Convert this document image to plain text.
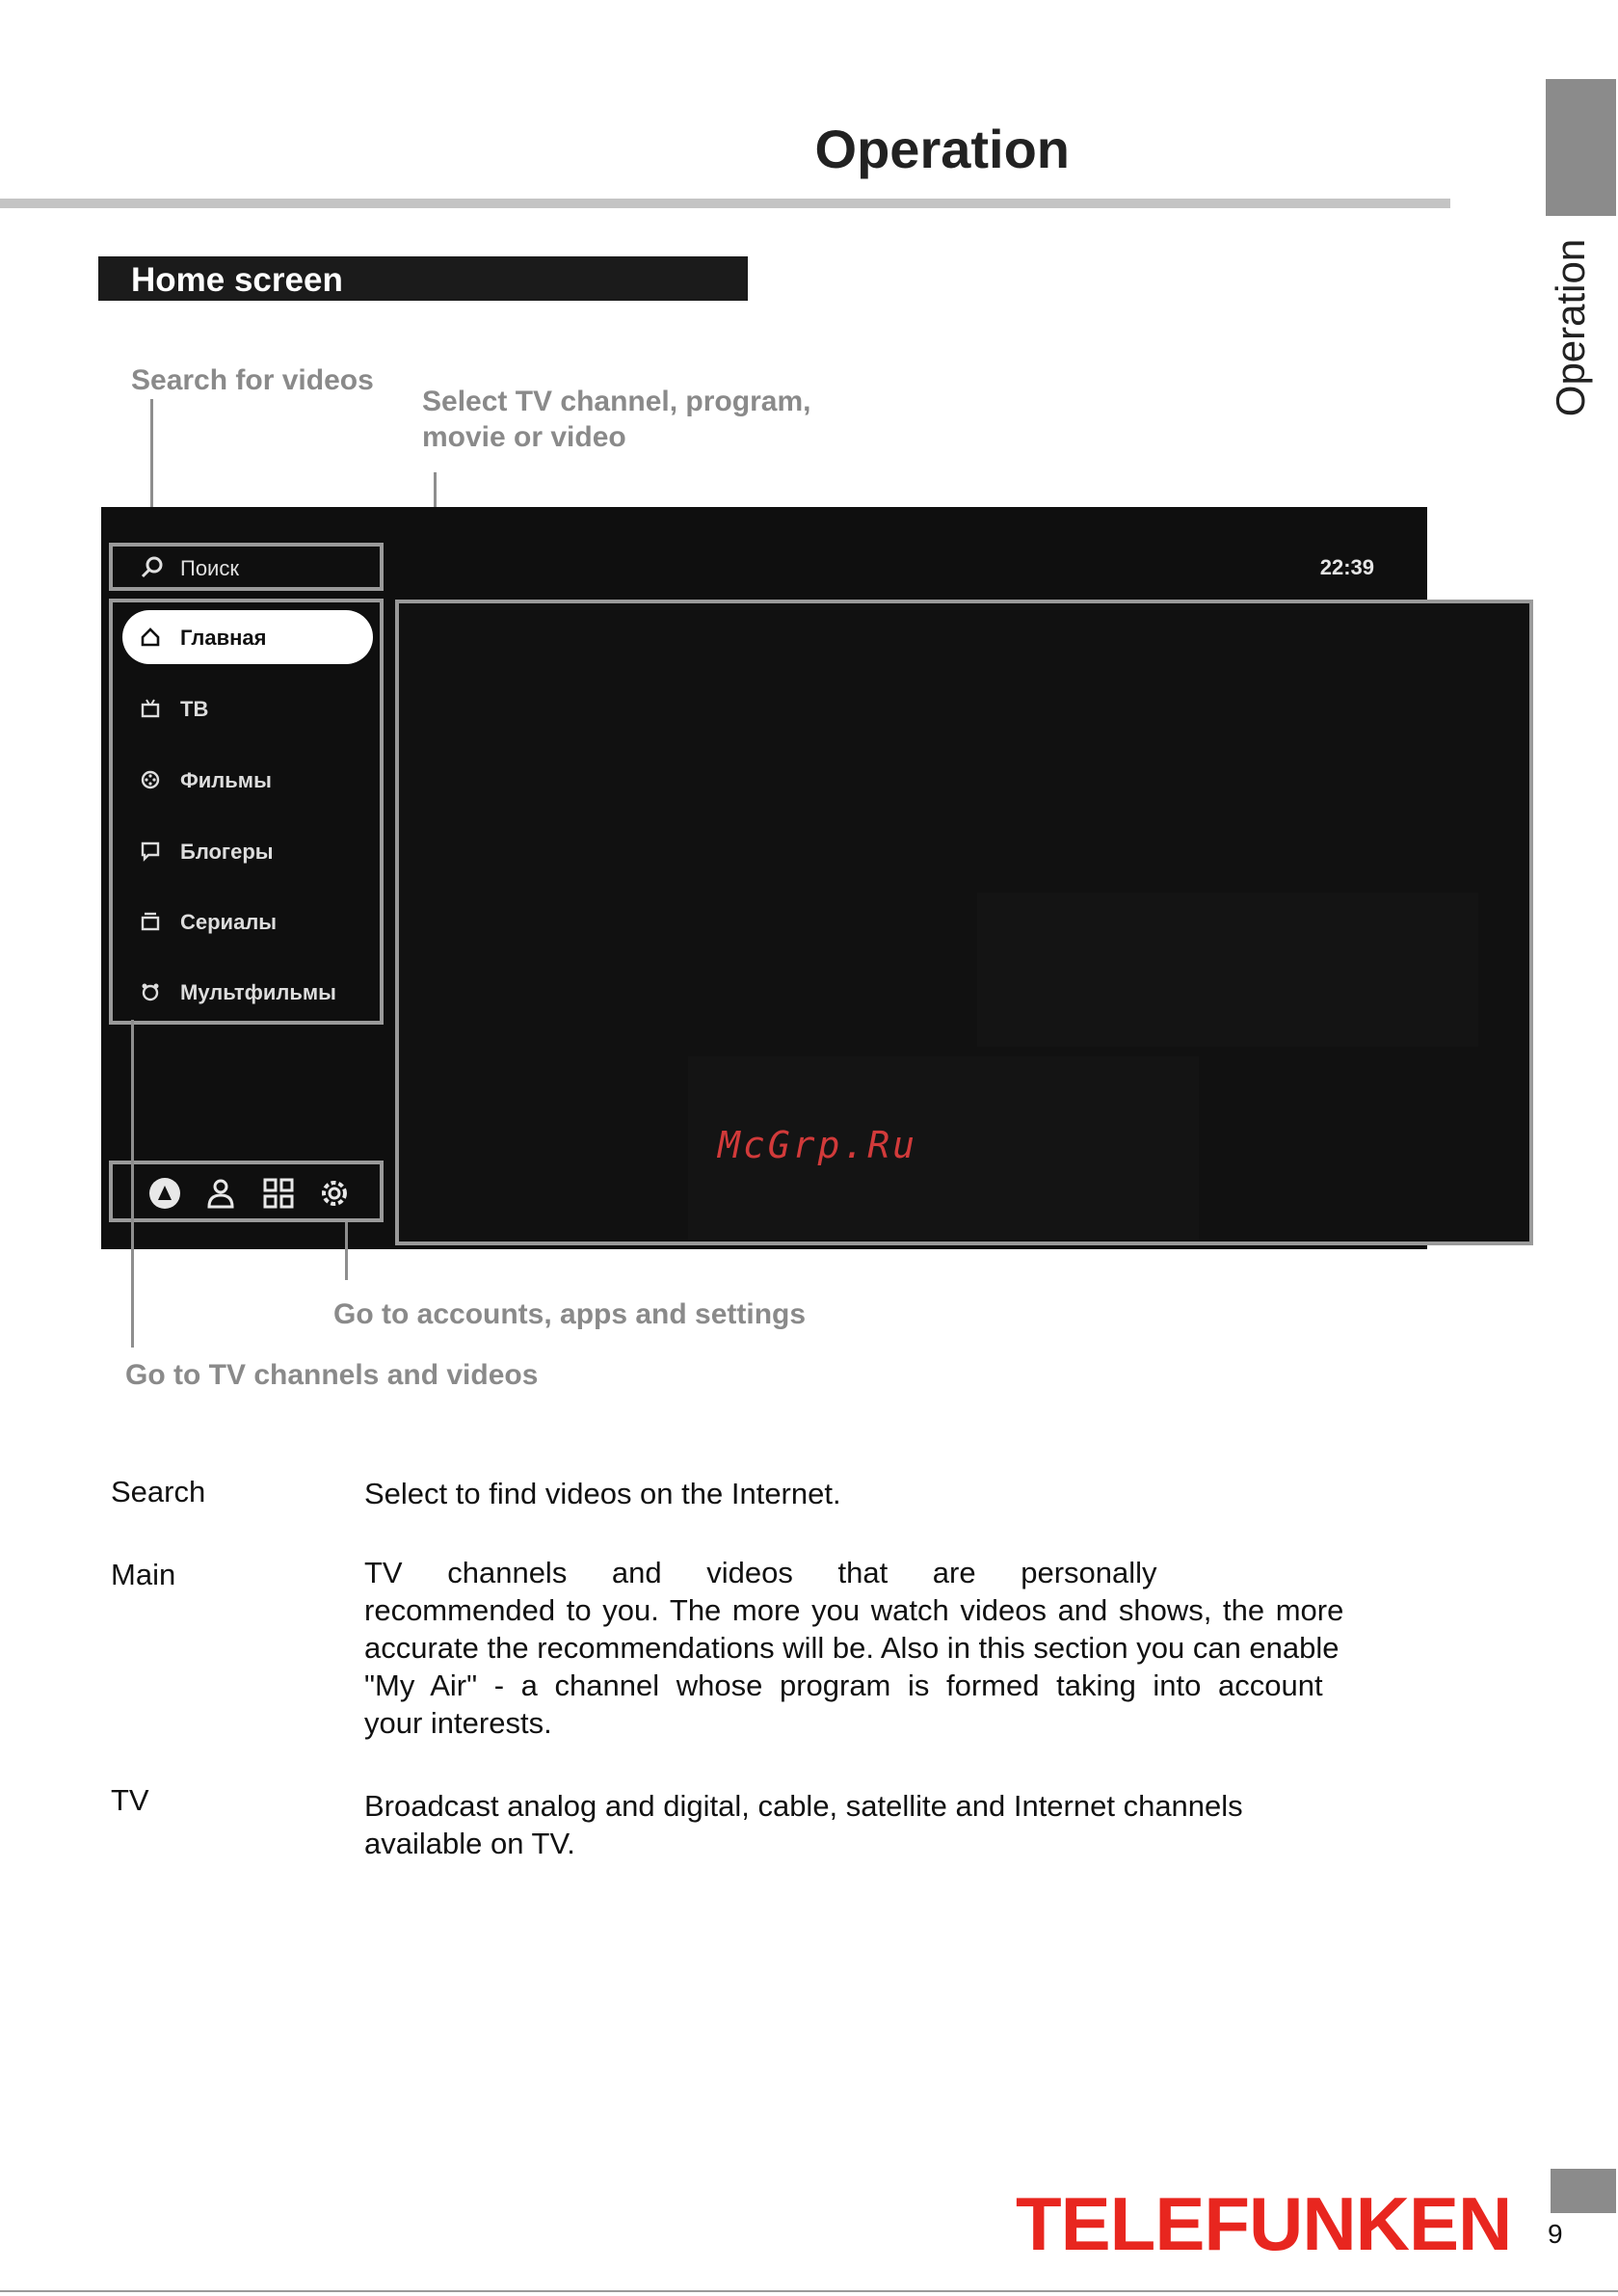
Operation
Operation
Home screen
Search for videos
Select TV channel, program,
movie or video
22:39
Поиск
Главная
ТВ
Фильмы
Блогеры
Сериалы
Мультфильмы
McGrp.Ru
Go to accounts, apps and settings
Go to TV channels and videos
Search	Select to find videos on the Internet.
Main	TV channels and videos that are personally
recommended to you. The more you watch videos and shows, the more
accurate the recommendations will be. Also in this section you can enable
"My Air" - a channel whose program is formed taking into account
your interests.
TV	Broadcast analog and digital, cable, satellite and Internet channels
available on TV.
TELEFUNKEN 9
